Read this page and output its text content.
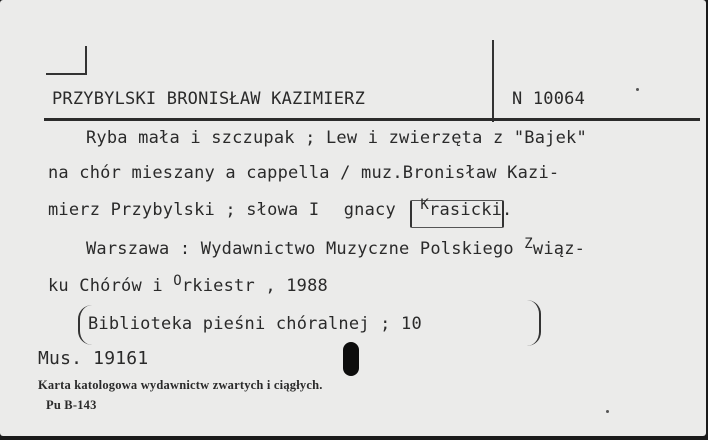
PRZYBYLSKI BRONISŁAW KAZIMIERZ	N 10064
Ryba mała i szczupak ; Lew i zwierzęta z "Bajek"
na chór mieszany a cappella / muz.Bronisław Kazi-
mierz Przybylski ; słowa I gnacy $^K$rasicki.
Warszawa : Wydawnictwo Muzyczne Polskiego $^Z$wiąz-
ku Chórów i $^O$rkiestr , 1988
Biblioteka pieśni chóralnej ; 10
Mus. 19161
Karta katologowa wydawnictw zwartych i ciągłych.
Pu B-143
